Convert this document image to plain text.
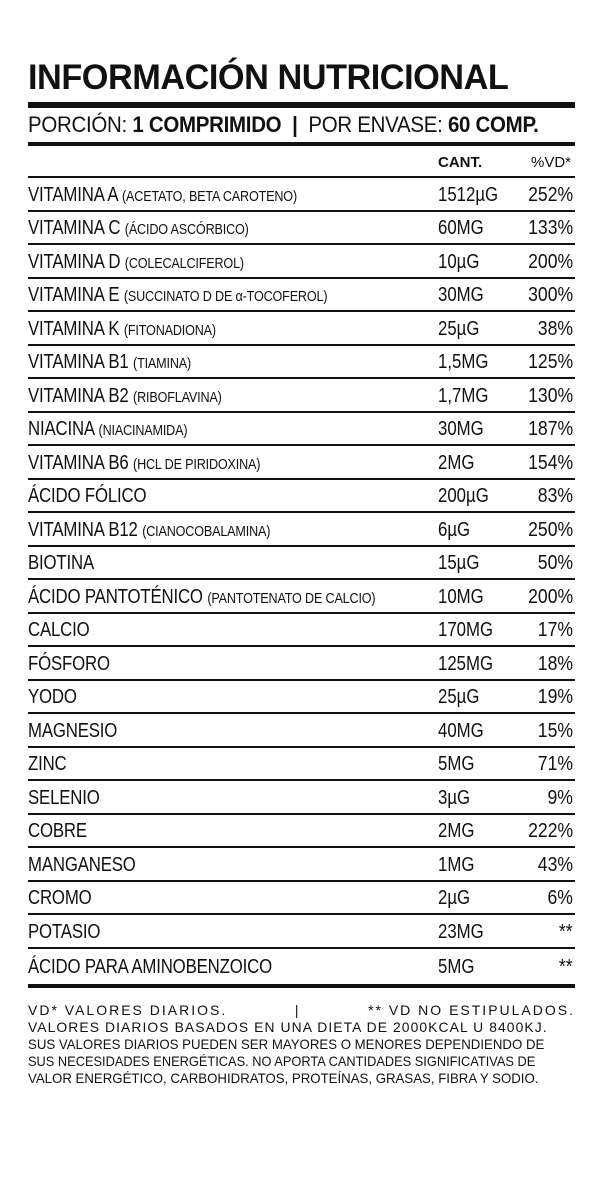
INFORMACIÓN NUTRICIONAL
PORCIÓN: 1 COMPRIMIDO | POR ENVASE: 60 COMP.
CANT.	%VD*
VITAMINA A (ACETATO, BETA CAROTENO)	1512µG 252%
VITAMINA C (ÁCIDO ASCÓRBICO)	60MG 133%
VITAMINA D (COLECALCIFEROL)	10µG 200%
VITAMINA E (SUCCINATO D DE α-TOCOFEROL)	30MG 300%
VITAMINA K (FITONADIONA)	25µG	38%
VITAMINA B1 (TIAMINA)	1,5MG 125%
VITAMINA B2 (RIBOFLAVINA)	1,7MG 130%
NIACINA (NIACINAMIDA)	30MG 187%
VITAMINA B6 (HCL DE PIRIDOXINA)	2MG	154%
ÁCIDO FÓLICO	200µG 83%
VITAMINA B12 (CIANOCOBALAMINA)	6µG	250%
BIOTINA	15µG	50%
ÁCIDO PANTOTÉNICO (PANTOTENATO DE CALCIO)	10MG 200%
CALCIO	170MG 17%
FÓSFORO	125MG 18%
YODO	25µG	19%
MAGNESIO	40MG	15%
ZINC	5MG	71%
SELENIO	3µG	9%
COBRE	2MG	222%
MANGANESO	1MG	43%
CROMO	2µG	6%
POTASIO	23MG	**
ÁCIDO PARA AMINOBENZOICO	5MG	**
VD* VALORES DIARIOS.	|	** VD NO ESTIPULADOS.
VALORES DIARIOS BASADOS EN UNA DIETA DE 2000KCAL U 8400KJ.
SUS VALORES DIARIOS PUEDEN SER MAYORES O MENORES DEPENDIENDO DE
SUS NECESIDADES ENERGÉTICAS. NO APORTA CANTIDADES SIGNIFICATIVAS DE
VALOR ENERGÉTICO, CARBOHIDRATOS, PROTEÍNAS, GRASAS, FIBRA Y SODIO.
